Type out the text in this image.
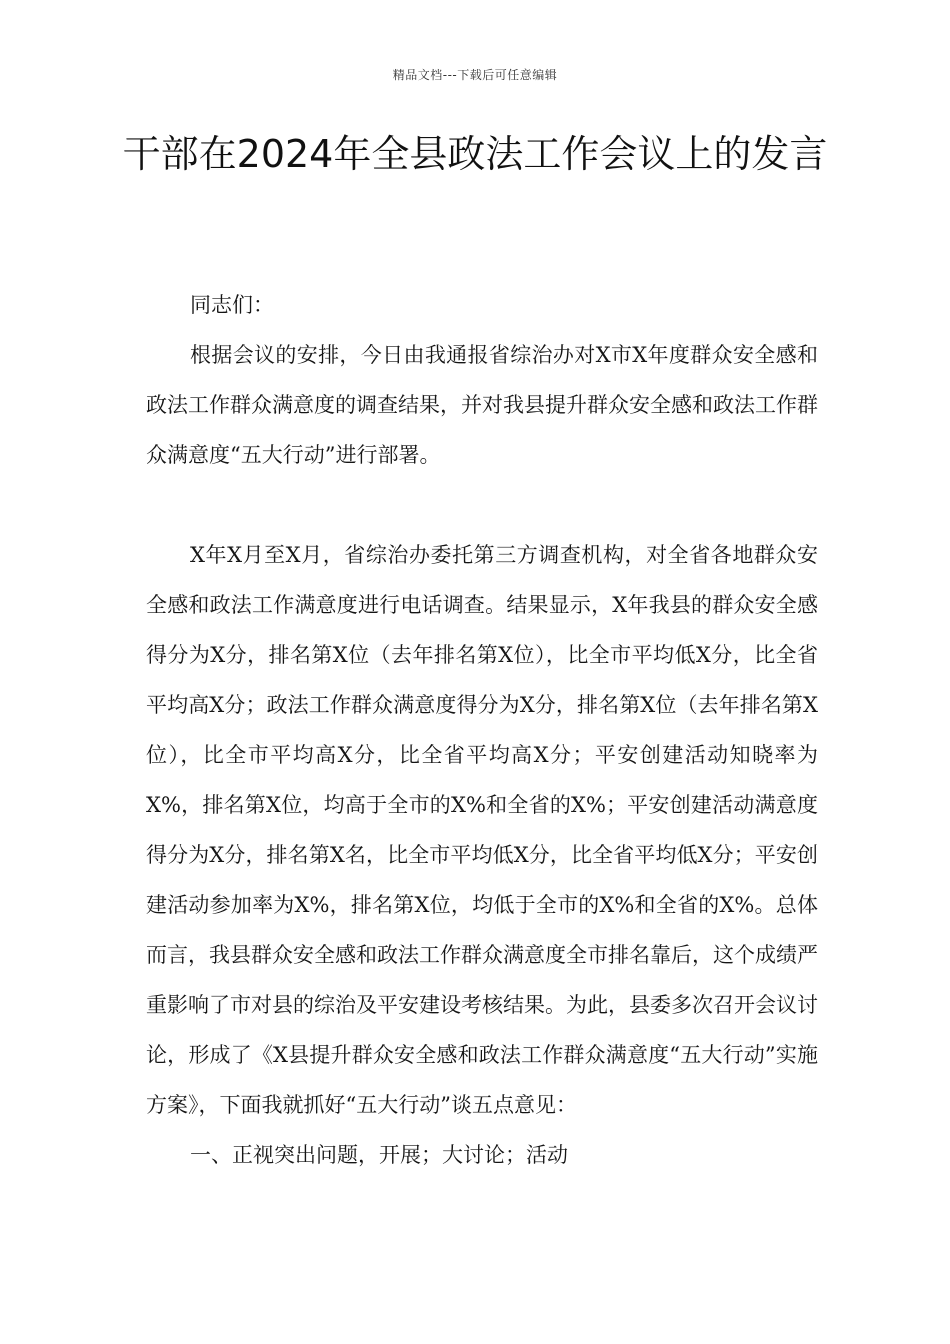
精品文档---下载后可任意编辑
干部在2024年全县政法工作会议上的发言

同志们：

根据会议的安排，今日由我通报省综治办对X市X年度群众安全感和政法工作群众满意度的调查结果，并对我县提升群众安全感和政法工作群众满意度“五大行动”进行部署。

X年X月至X月，省综治办委托第三方调查机构，对全省各地群众安全感和政法工作满意度进行电话调查。结果显示，X年我县的群众安全感得分为X分，排名第X位（去年排名第X位），比全市平均低X分，比全省平均高X分；政法工作群众满意度得分为X分，排名第X位（去年排名第X位），比全市平均高X分，比全省平均高X分；平安创建活动知晓率为X%，排名第X位，均高于全市的X%和全省的X%；平安创建活动满意度得分为X分，排名第X名，比全市平均低X分，比全省平均低X分；平安创建活动参加率为X%，排名第X位，均低于全市的X%和全省的X%。总体而言，我县群众安全感和政法工作群众满意度全市排名靠后，这个成绩严重影响了市对县的综治及平安建设考核结果。为此，县委多次召开会议讨论，形成了《X县提升群众安全感和政法工作群众满意度“五大行动”实施方案》，下面我就抓好“五大行动”谈五点意见：

一、正视突出问题，开展；大讨论；活动
